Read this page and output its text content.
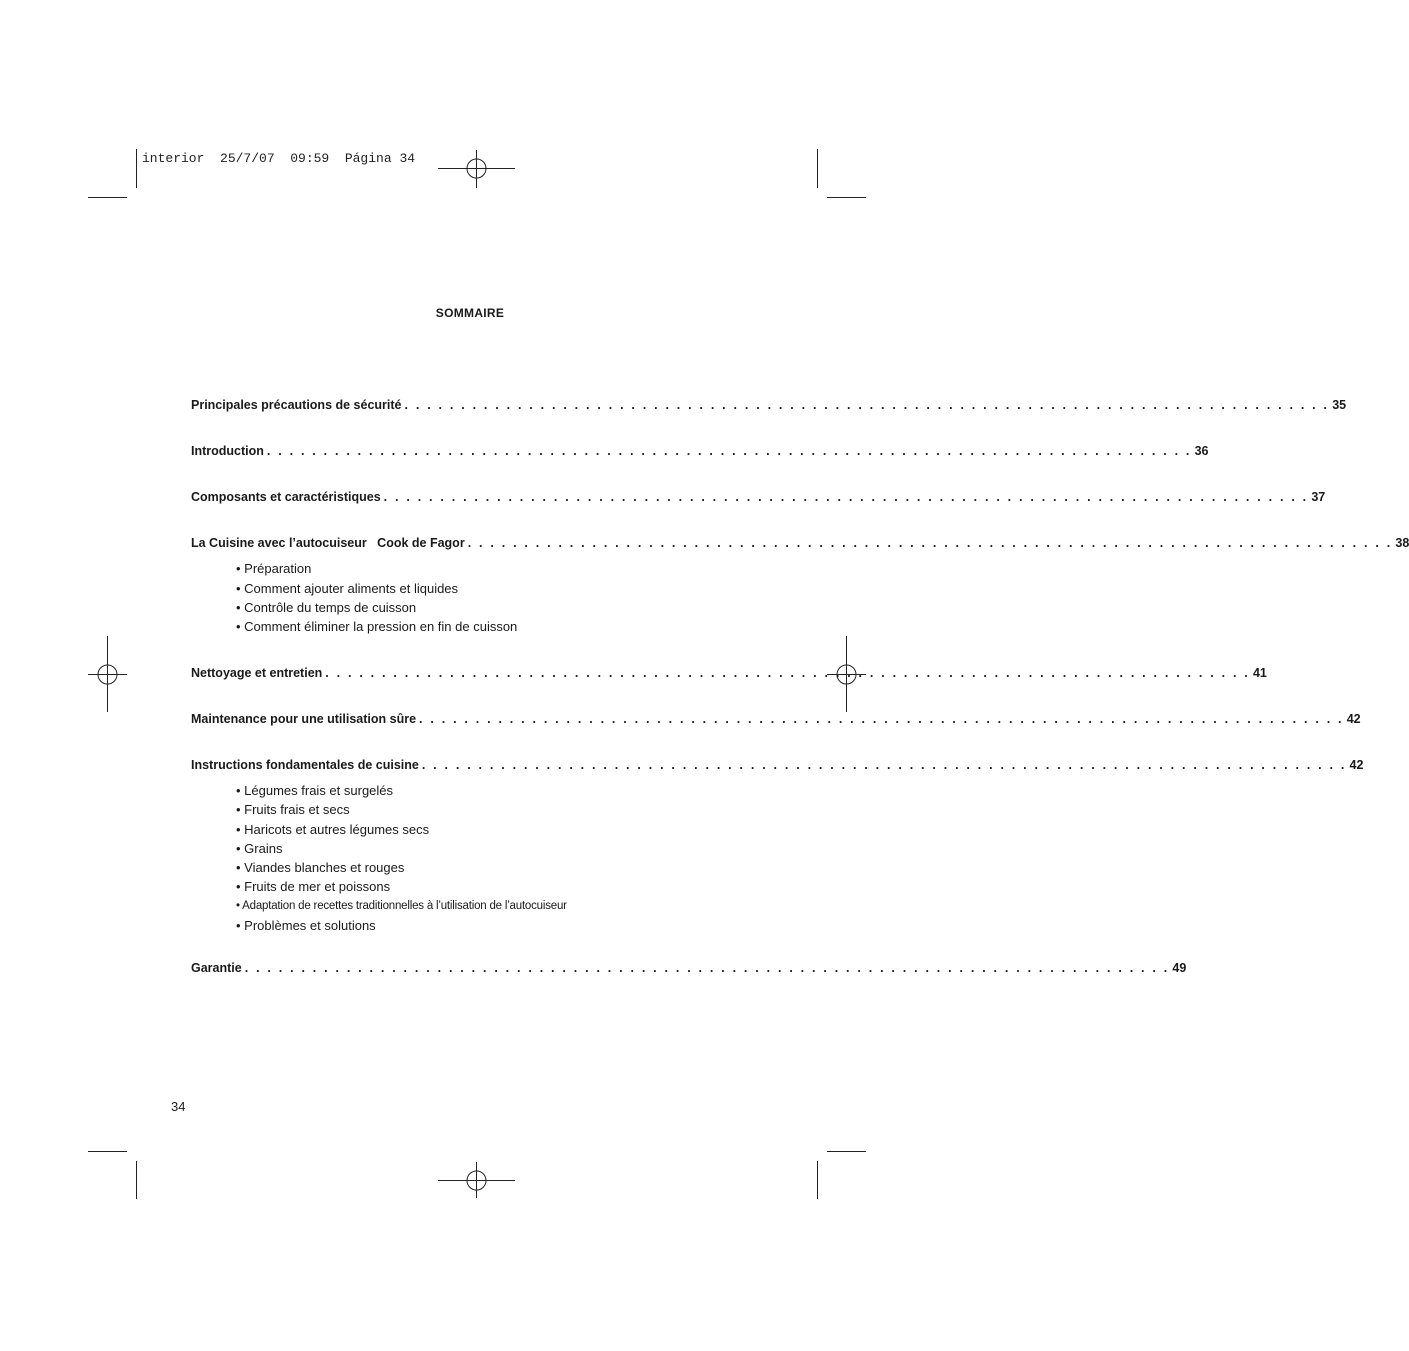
interior  25/7/07  09:59  Página 34
SOMMAIRE
Principales précautions de sécurité . . . . . . . . . . . . . . . . . . . . . . . . . . . . . . . . . . . . . . . . . . . . . . . . . . . . . . . . . . . . . . . . . . . . . . . . . . . . . . . . . . 35
Introduction . . . . . . . . . . . . . . . . . . . . . . . . . . . . . . . . . . . . . . . . . . . . . . . . . . . . . . . . . . . . . . . . . . . . . . . . . . . . . . . . . . 36
Composants et caractéristiques . . . . . . . . . . . . . . . . . . . . . . . . . . . . . . . . . . . . . . . . . . . . . . . . . . . . . . . . . . . . . . . . . . . . . . . . . . . . . . . . . . 37
La Cuisine avec l’autocuiseur   Cook de Fagor . . . . . . . . . . . . . . . . . . . . . . . . . . . . . . . . . . . . . . . . . . . . . . . . . . . . . . . . . . . . . . . . . . . . . . . . . . . . . . . . . . 38
• Préparation
• Comment ajouter aliments et liquides
• Contrôle du temps de cuisson
• Comment éliminer la pression en fin de cuisson
Nettoyage et entretien . . . . . . . . . . . . . . . . . . . . . . . . . . . . . . . . . . . . . . . . . . . . . . . . . . . . . . . . . . . . . . . . . . . . . . . . . . . . . . . . . . 41
Maintenance pour une utilisation sûre . . . . . . . . . . . . . . . . . . . . . . . . . . . . . . . . . . . . . . . . . . . . . . . . . . . . . . . . . . . . . . . . . . . . . . . . . . . . . . . . . . 42
Instructions fondamentales de cuisine . . . . . . . . . . . . . . . . . . . . . . . . . . . . . . . . . . . . . . . . . . . . . . . . . . . . . . . . . . . . . . . . . . . . . . . . . . . . . . . . . . 42
• Légumes frais et surgelés
• Fruits frais et secs
• Haricots et autres légumes secs
• Grains
• Viandes blanches et rouges
• Fruits de mer et poissons
• Adaptation de recettes traditionnelles à l’utilisation de l’autocuiseur
• Problèmes et solutions
Garantie . . . . . . . . . . . . . . . . . . . . . . . . . . . . . . . . . . . . . . . . . . . . . . . . . . . . . . . . . . . . . . . . . . . . . . . . . . . . . . . . . . 49
34
